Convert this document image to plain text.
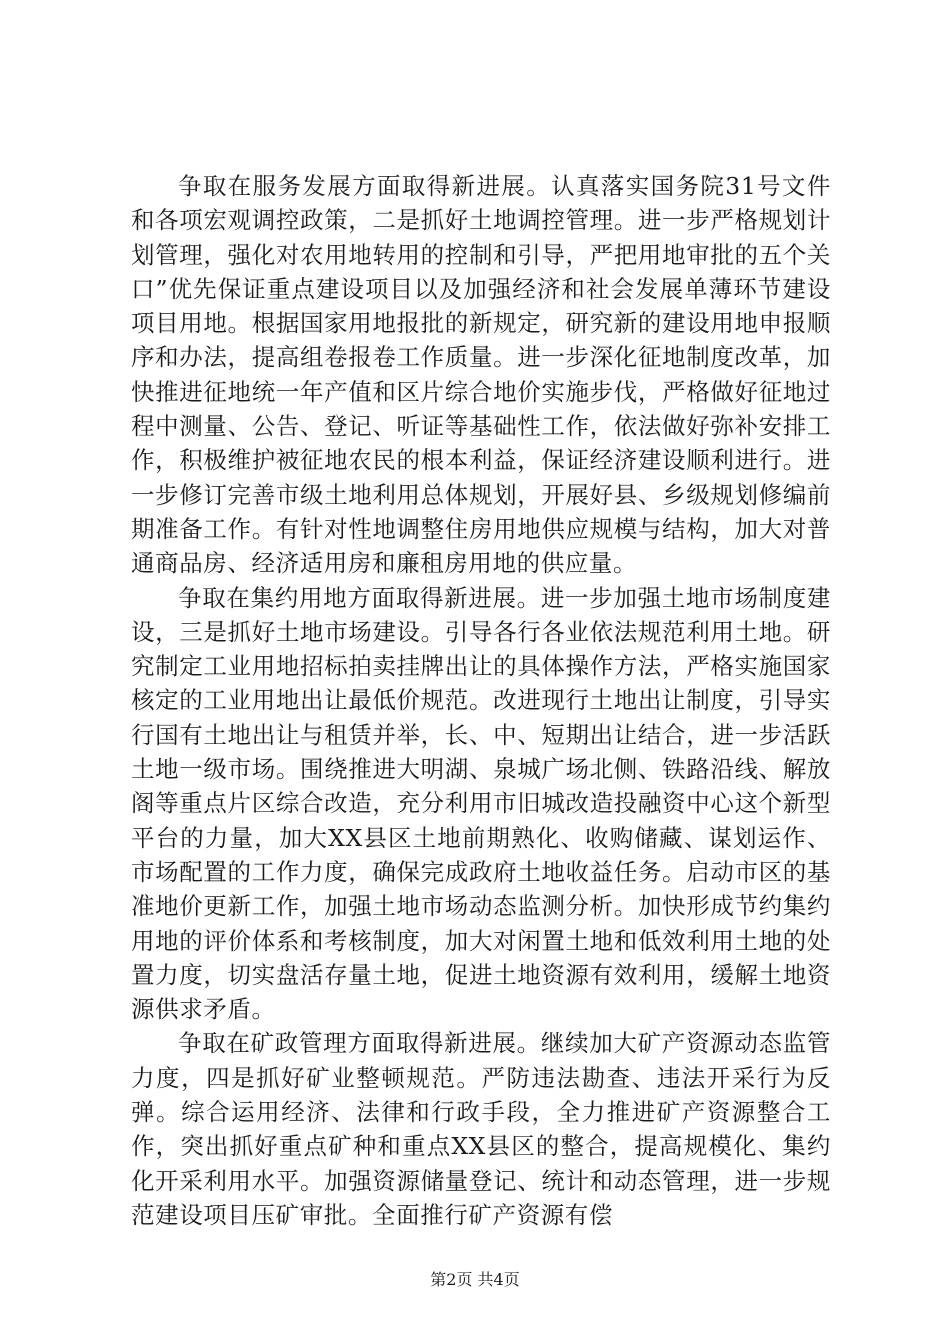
争取在服务发展方面取得新进展。认真落实国务院31号文件和各项宏观调控政策，二是抓好土地调控管理。进一步严格规划计划管理，强化对农用地转用的控制和引导，严把用地审批的五个关口”优先保证重点建设项目以及加强经济和社会发展单薄环节建设项目用地。根据国家用地报批的新规定，研究新的建设用地申报顺序和办法，提高组卷报卷工作质量。进一步深化征地制度改革，加快推进征地统一年产值和区片综合地价实施步伐，严格做好征地过程中测量、公告、登记、听证等基础性工作，依法做好弥补安排工作，积极维护被征地农民的根本利益，保证经济建设顺利进行。进一步修订完善市级土地利用总体规划，开展好县、乡级规划修编前期准备工作。有针对性地调整住房用地供应规模与结构，加大对普通商品房、经济适用房和廉租房用地的供应量。

争取在集约用地方面取得新进展。进一步加强土地市场制度建设，三是抓好土地市场建设。引导各行各业依法规范利用土地。研究制定工业用地招标拍卖挂牌出让的具体操作方法，严格实施国家核定的工业用地出让最低价规范。改进现行土地出让制度，引导实行国有土地出让与租赁并举，长、中、短期出让结合，进一步活跃土地一级市场。围绕推进大明湖、泉城广场北侧、铁路沿线、解放阁等重点片区综合改造，充分利用市旧城改造投融资中心这个新型平台的力量，加大XX县区土地前期熟化、收购储藏、谋划运作、市场配置的工作力度，确保完成政府土地收益任务。启动市区的基准地价更新工作，加强土地市场动态监测分析。加快形成节约集约用地的评价体系和考核制度，加大对闲置土地和低效利用土地的处置力度，切实盘活存量土地，促进土地资源有效利用，缓解土地资源供求矛盾。

争取在矿政管理方面取得新进展。继续加大矿产资源动态监管力度，四是抓好矿业整顿规范。严防违法勘查、违法开采行为反弹。综合运用经济、法律和行政手段，全力推进矿产资源整合工作，突出抓好重点矿种和重点XX县区的整合，提高规模化、集约化开采利用水平。加强资源储量登记、统计和动态管理，进一步规范建设项目压矿审批。全面推行矿产资源有偿

第2页 共4页
